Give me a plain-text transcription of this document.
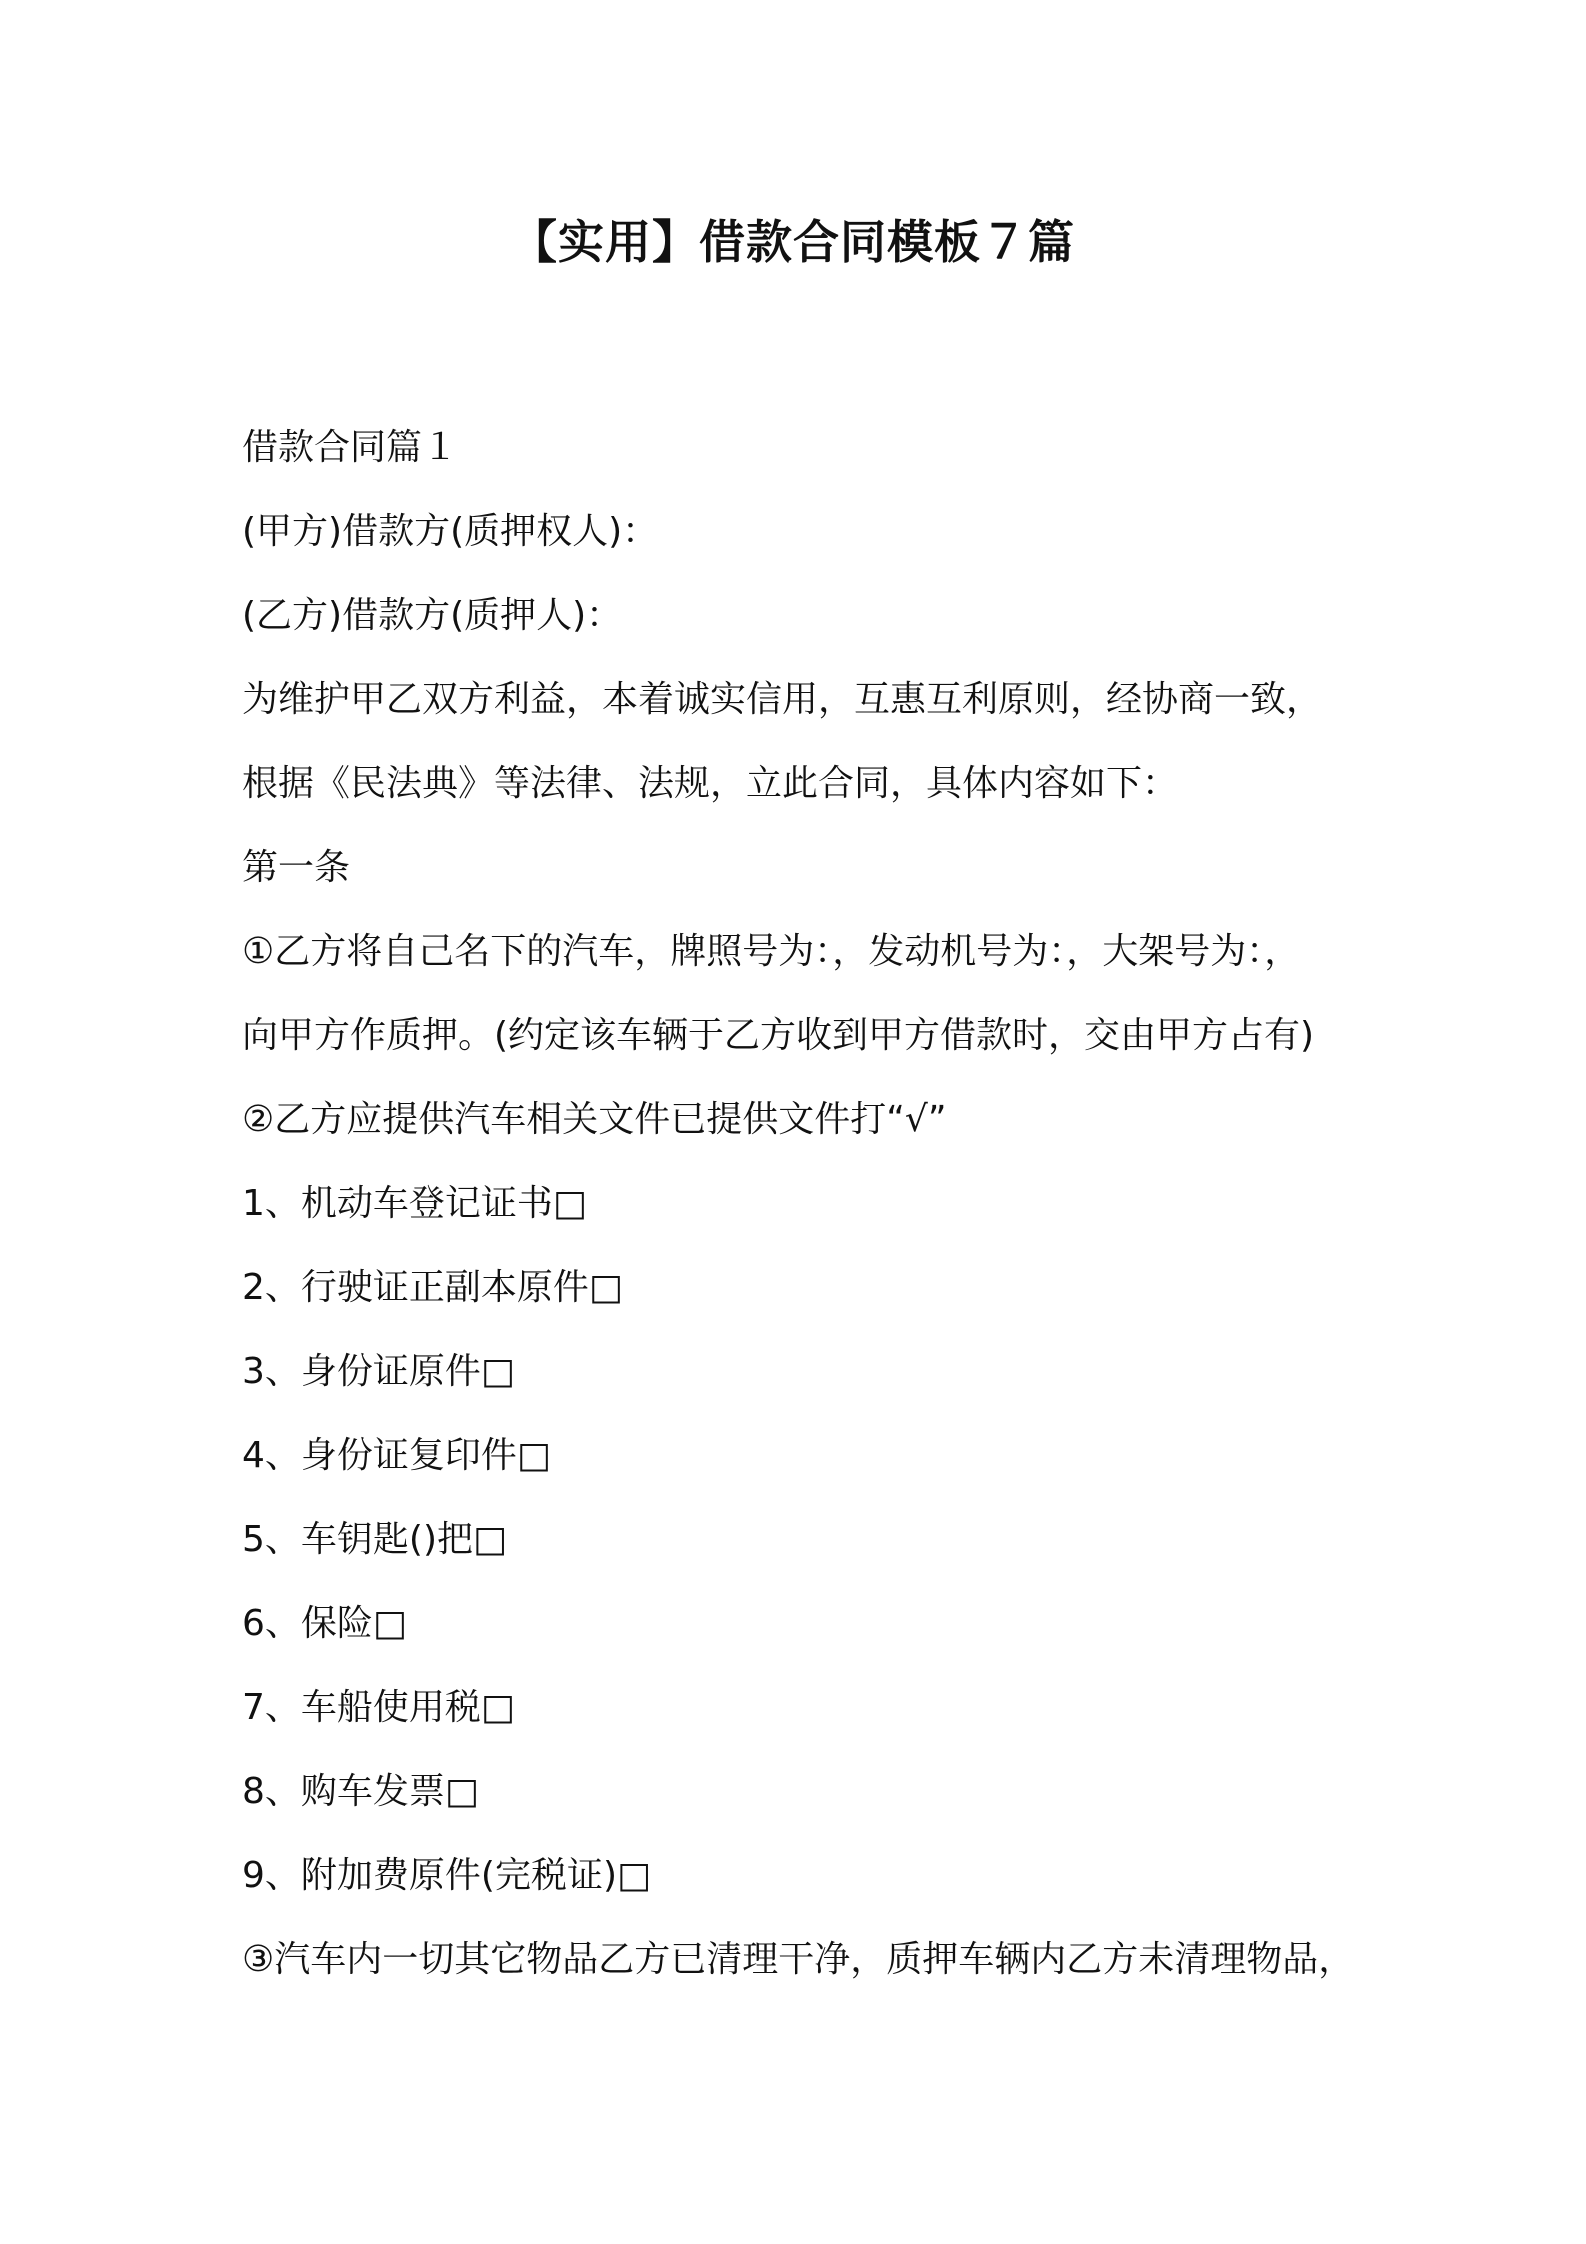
【实用】借款合同模板７篇
借款合同篇１
(甲方)借款方(质押权人)：
(乙方)借款方(质押人)：
为维护甲乙双方利益，本着诚实信用，互惠互利原则，经协商一致，
根据《民法典》等法律、法规，立此合同，具体内容如下：
第一条
①乙方将自己名下的汽车，牌照号为：，发动机号为：，大架号为：，
向甲方作质押。(约定该车辆于乙方收到甲方借款时，交由甲方占有)
②乙方应提供汽车相关文件已提供文件打“√”
1、机动车登记证书□
2、行驶证正副本原件□
3、身份证原件□
4、身份证复印件□
5、车钥匙()把□
6、保险□
7、车船使用税□
8、购车发票□
9、附加费原件(完税证)□
③汽车内一切其它物品乙方已清理干净，质押车辆内乙方未清理物品，
